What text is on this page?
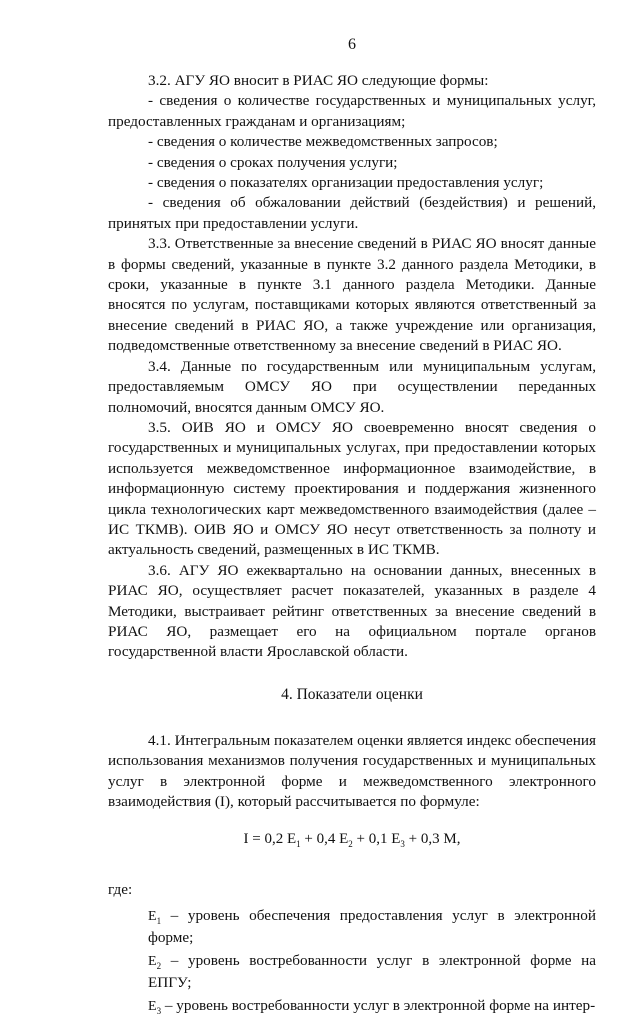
6

3.2. АГУ ЯО вносит в РИАС ЯО следующие формы:

- сведения о количестве государственных и муниципальных услуг, предоставленных гражданам и организациям;

- сведения о количестве межведомственных запросов;

- сведения о сроках получения услуги;

- сведения о показателях организации предоставления услуг;

- сведения об обжаловании действий (бездействия) и решений, принятых при предоставлении услуги.

3.3. Ответственные за внесение сведений в РИАС ЯО вносят данные в формы сведений, указанные в пункте 3.2 данного раздела Методики, в сроки, указанные в пункте 3.1 данного раздела Методики. Данные вносятся по услугам, поставщиками которых являются ответственный за внесение сведений в РИАС ЯО, а также учреждение или организация, подведомственные ответственному за внесение сведений в РИАС ЯО.

3.4. Данные по государственным или муниципальным услугам, предоставляемым ОМСУ ЯО при осуществлении переданных полномочий, вносятся данным ОМСУ ЯО.

3.5. ОИВ ЯО и ОМСУ ЯО своевременно вносят сведения о государственных и муниципальных услугах, при предоставлении которых используется межведомственное информационное взаимодействие, в информационную систему проектирования и поддержания жизненного цикла технологических карт межведомственного взаимодействия (далее – ИС ТКМВ). ОИВ ЯО и ОМСУ ЯО несут ответственность за полноту и актуальность сведений, размещенных в ИС ТКМВ.

3.6. АГУ ЯО ежеквартально на основании данных, внесенных в РИАС ЯО, осуществляет расчет показателей, указанных в разделе 4 Методики, выстраивает рейтинг ответственных за внесение сведений в РИАС ЯО, размещает его на официальном портале органов государственной власти Ярославской области.

4. Показатели оценки

4.1. Интегральным показателем оценки является индекс обеспечения использования механизмов получения государственных и муниципальных услуг в электронной форме и межведомственного электронного взаимодействия (I), который рассчитывается по формуле:

I = 0,2 $E_1 + 0,4$ $E_2 + 0,1$ $E_3 + 0,3$ M,

где:

$E_1$ – уровень обеспечения предоставления услуг в электронной форме;

$E_2$ – уровень востребованности услуг в электронной форме на ЕПГУ;

$E_3$ – уровень востребованности услуг в электронной форме на интер-
